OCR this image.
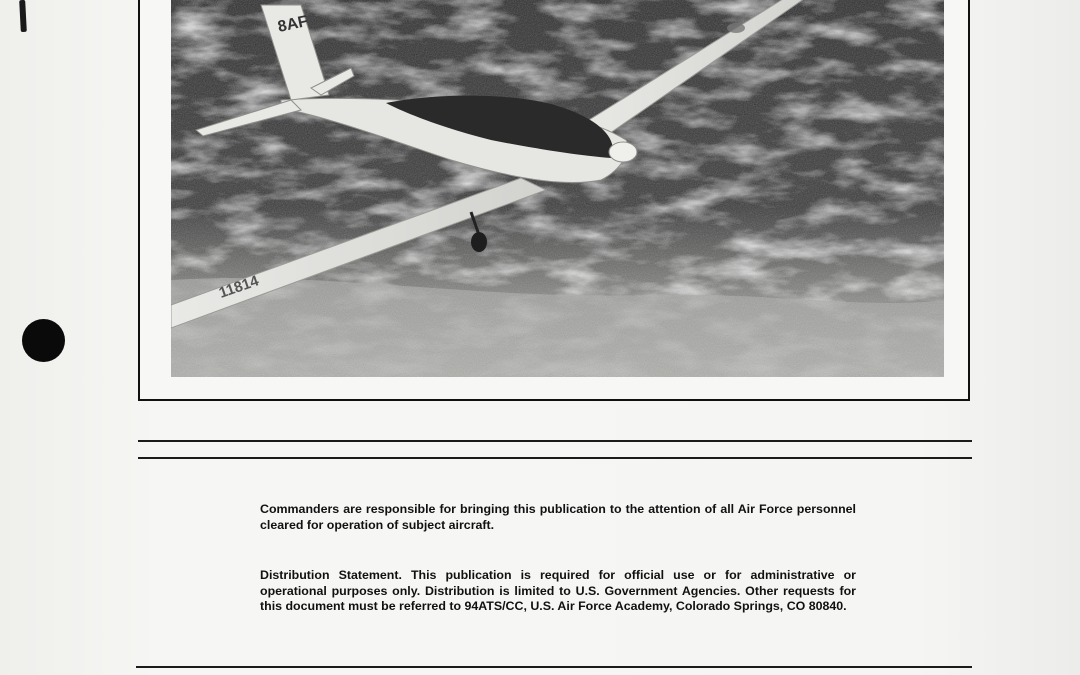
11814
8AF

Commanders are responsible for bringing this publication to the attention of all Air Force personnel cleared for operation of subject aircraft.

Distribution Statement. This publication is required for official use or for administrative or operational purposes only. Distribution is limited to U.S. Government Agencies. Other requests for this document must be referred to 94ATS/CC, U.S. Air Force Academy, Colorado Springs, CO 80840.
